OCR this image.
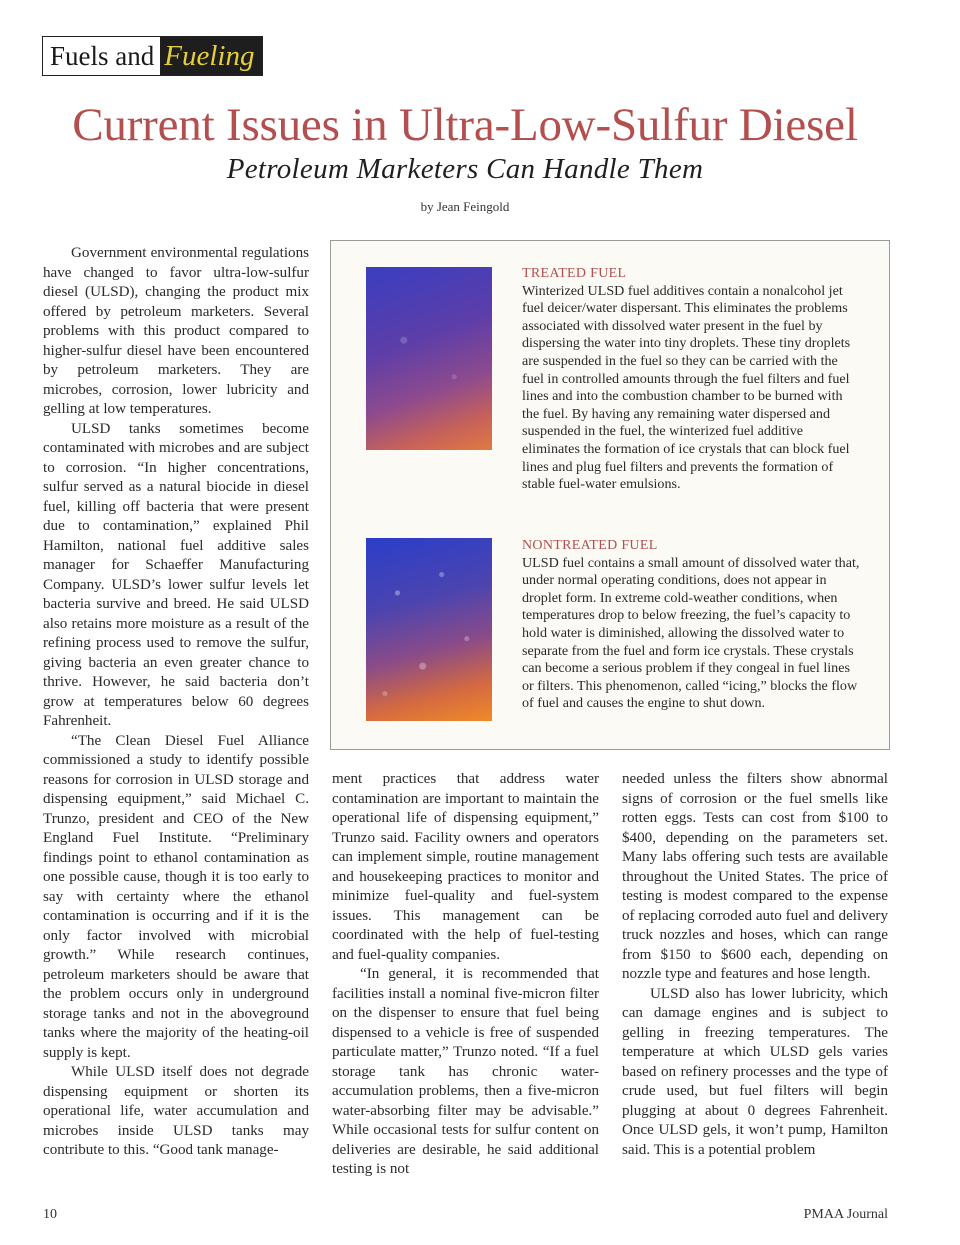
Fuels and Fueling
Current Issues in Ultra-Low-Sulfur Diesel
Petroleum Marketers Can Handle Them
by Jean Feingold

Government environmental regulations have changed to favor ultra-low-sulfur diesel (ULSD), changing the product mix offered by petroleum marketers. Several problems with this product compared to higher-sulfur diesel have been encountered by petroleum marketers. They are microbes, corrosion, lower lubricity and gelling at low temperatures.

ULSD tanks sometimes become contaminated with microbes and are subject to corrosion. “In higher concentrations, sulfur served as a natural biocide in diesel fuel, killing off bacteria that were present due to contamination,” explained Phil Hamilton, national fuel additive sales manager for Schaeffer Manufacturing Company. ULSD’s lower sulfur levels let bacteria survive and breed. He said ULSD also retains more moisture as a result of the refining process used to remove the sulfur, giving bacteria an even greater chance to thrive. However, he said bacteria don’t grow at temperatures below 60 degrees Fahrenheit.

“The Clean Diesel Fuel Alliance commissioned a study to identify possible reasons for corrosion in ULSD storage and dispensing equipment,” said Michael C. Trunzo, president and CEO of the New England Fuel Institute. “Preliminary findings point to ethanol contamination as one possible cause, though it is too early to say with certainty where the ethanol contamination is occurring and if it is the only factor involved with microbial growth.” While research continues, petroleum marketers should be aware that the problem occurs only in underground storage tanks and not in the aboveground tanks where the majority of the heating-oil supply is kept.

While ULSD itself does not degrade dispensing equipment or shorten its operational life, water accumulation and microbes inside ULSD tanks may contribute to this. “Good tank manage-

TREATED FUEL
Winterized ULSD fuel additives contain a nonalcohol jet fuel deicer/water dispersant. This eliminates the problems associated with dissolved water present in the fuel by dispersing the water into tiny droplets. These tiny droplets are suspended in the fuel so they can be carried with the fuel in controlled amounts through the fuel filters and fuel lines and into the combustion chamber to be burned with the fuel. By having any remaining water dispersed and suspended in the fuel, the winterized fuel additive eliminates the formation of ice crystals that can block fuel lines and plug fuel filters and prevents the formation of stable fuel-water emulsions.
NONTREATED FUEL
ULSD fuel contains a small amount of dissolved water that, under normal operating conditions, does not appear in droplet form. In extreme cold-weather conditions, when temperatures drop to below freezing, the fuel’s capacity to hold water is diminished, allowing the dissolved water to separate from the fuel and form ice crystals. These crystals can become a serious problem if they congeal in fuel lines or filters. This phenomenon, called “icing,” blocks the flow of fuel and causes the engine to shut down.

ment practices that address water contamination are important to maintain the operational life of dispensing equipment,” Trunzo said. Facility owners and operators can implement simple, routine management and housekeeping practices to monitor and minimize fuel-quality and fuel-system issues. This management can be coordinated with the help of fuel-testing and fuel-quality companies.

“In general, it is recommended that facilities install a nominal five-micron filter on the dispenser to ensure that fuel being dispensed to a vehicle is free of suspended particulate matter,” Trunzo noted. “If a fuel storage tank has chronic water-accumulation problems, then a five-micron water-absorbing filter may be advisable.” While occasional tests for sulfur content on deliveries are desirable, he said additional testing is not

needed unless the filters show abnormal signs of corrosion or the fuel smells like rotten eggs. Tests can cost from $100 to $400, depending on the parameters set. Many labs offering such tests are available throughout the United States. The price of testing is modest compared to the expense of replacing corroded auto fuel and delivery truck nozzles and hoses, which can range from $150 to $600 each, depending on nozzle type and features and hose length.

ULSD also has lower lubricity, which can damage engines and is subject to gelling in freezing temperatures. The temperature at which ULSD gels varies based on refinery processes and the type of crude used, but fuel filters will begin plugging at about 0 degrees Fahrenheit. Once ULSD gels, it won’t pump, Hamilton said. This is a potential problem

10	PMAA Journal
